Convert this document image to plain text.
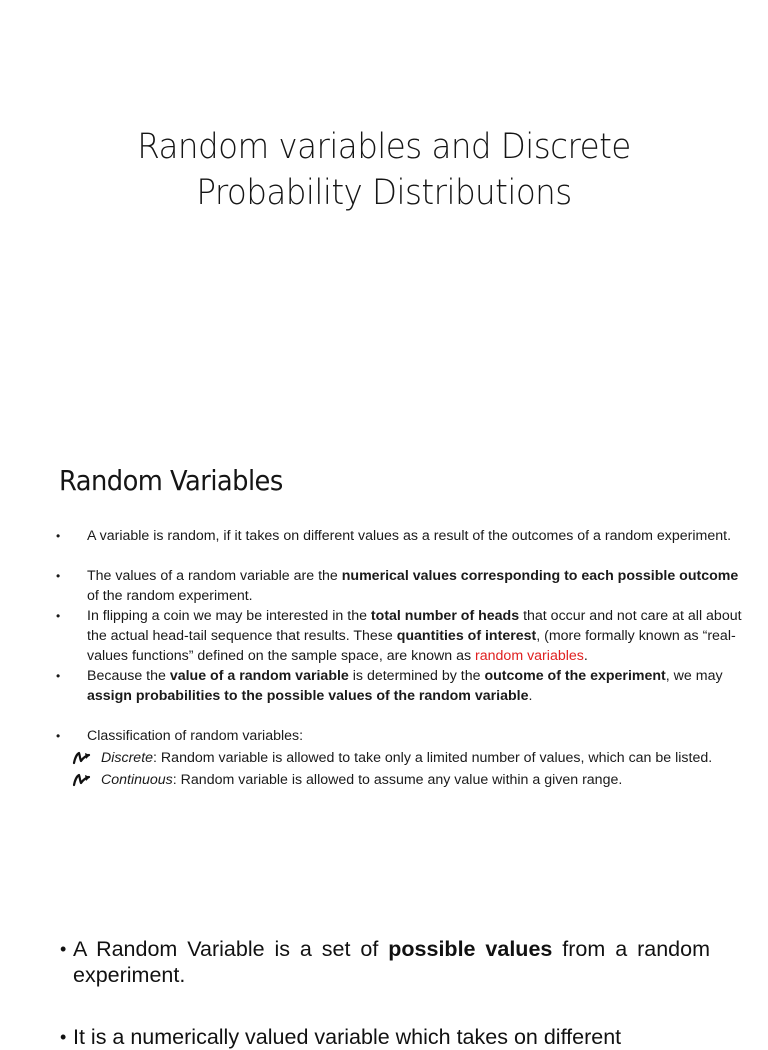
Random variables and Discrete
Probability Distributions
Random Variables
• A variable is random, if it takes on different values as a result of the outcomes of a random experiment.
• The values of a random variable are the numerical values corresponding to each possible outcome of the random experiment.
• In flipping a coin we may be interested in the total number of heads that occur and not care at all about the actual head-tail sequence that results. These quantities of interest, (more formally known as “real-values functions” defined on the sample space, are known as random variables.
• Because the value of a random variable is determined by the outcome of the experiment, we may assign probabilities to the possible values of the random variable.
• Classification of random variables:
Discrete: Random variable is allowed to take only a limited number of values, which can be listed.
Continuous: Random variable is allowed to assume any value within a given range.
• A Random Variable is a set of possible values from a random experiment.
• It is a numerically valued variable which takes on different
